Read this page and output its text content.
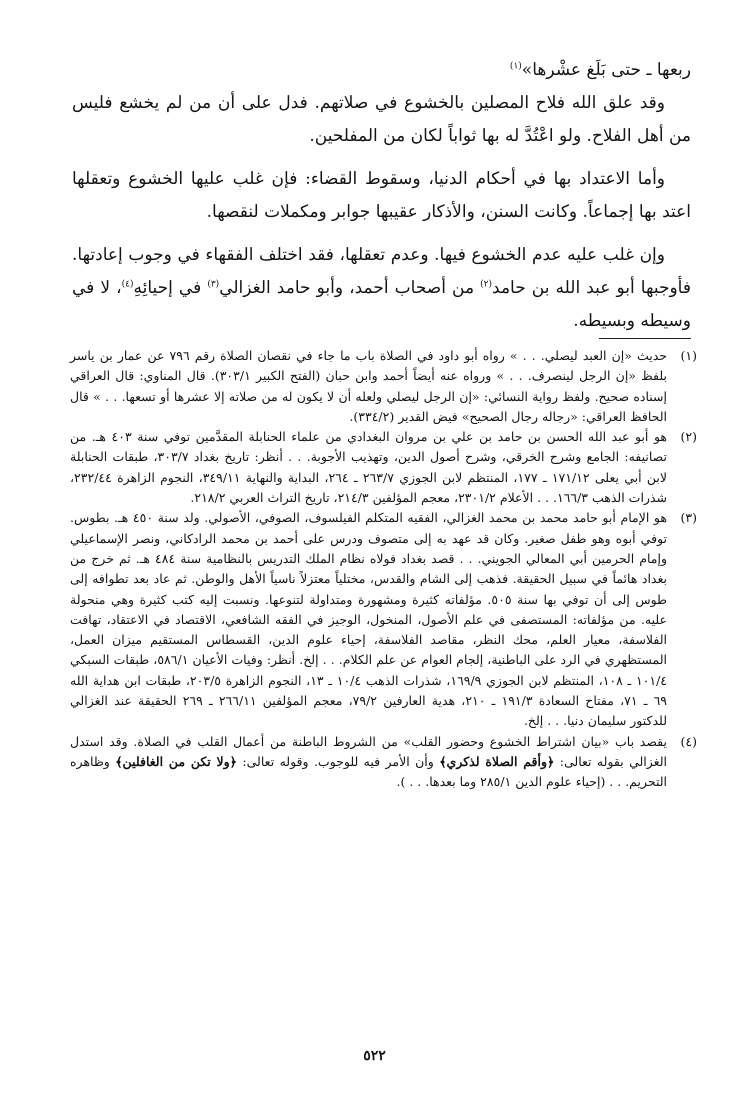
ربعها ـ حتى بَلَغ عشْرها»$^{(١)}$

وقد علق الله فلاح المصلين بالخشوع في صلاتهم. فدل على أن من لم يخشع فليس من أهل الفلاح. ولو اعْتُدَّ له بها ثواباً لكان من المفلحين.

وأما الاعتداد بها في أحكام الدنيا، وسقوط القضاء: فإن غلب عليها الخشوع وتعقلها اعتد بها إجماعاً. وكانت السنن، والأذكار عقيبها جوابر ومكملات لنقصها.

وإن غلب عليه عدم الخشوع فيها. وعدم تعقلها، فقد اختلف الفقهاء في وجوب إعادتها. فأوجبها أبو عبد الله بن حامد$^{(٢)}$ من أصحاب أحمد، وأبو حامد الغزالي$^{(٣)}$ في إحيائِهِ$^{(٤)}$، لا في وسيطه وبسيطه.

(١)
حديث «إن العبد ليصلي. . . » رواه أبو داود في الصلاة باب ما جاء في نقصان الصلاة رقم ٧٩٦ عن عمار بن ياسر بلفظ «إن الرجل لينصرف. . . » ورواه عنه أيضاً أحمد وابن حبان (الفتح الكبير ٣٠٣/١). قال المناوي: قال العراقي إسناده صحيح. ولفظ رواية النسائي: «إن الرجل ليصلي ولعله أن لا يكون له من صلاته إلا عشرها أو تسعها. . . » قال الحافظ العراقي: «رجاله رجال الصحيح» فيض القدير (٣٣٤/٢).
(٢)
هو أبو عبد الله الحسن بن حامد بن علي بن مروان البغدادي من علماء الحنابلة المقدَّمين توفي سنة ٤٠٣ هـ. من تصانيفه: الجامع وشرح الخرقي، وشرح أصول الدين، وتهذيب الأجوبة. . . أنظر: تاريخ بغداد ٣٠٣/٧، طبقات الحنابلة لابن أبي يعلى ١٧١/١٢ ـ ١٧٧، المنتظم لابن الجوزي ٢٦٣/٧ ـ ٢٦٤، البداية والنهاية ٣٤٩/١١، النجوم الزاهرة ٢٣٢/٤٤، شذرات الذهب ١٦٦/٣. . . الأعلام ٢٣٠١/٢، معجم المؤلفين ٢١٤/٣، تاريخ التراث العربي ٢١٨/٢.
(٣)
هو الإمام أبو حامد محمد بن محمد الغزالي، الفقيه المتكلم الفيلسوف، الصوفي، الأصولي. ولد سنة ٤٥٠ هـ. بطوس. توفي أبوه وهو طفل صغير. وكان قد عهد به إلى متصوف ودرس على أحمد بن محمد الرادكاني، ونصر الإسماعيلي وإمام الحرمين أبي المعالي الجويني. . . قصد بغداد فولاه نظام الملك التدريس بالنظامية سنة ٤٨٤ هـ. ثم خرج من بغداد هائماً في سبيل الحقيقة. فذهب إلى الشام والقدس، مختلياً معتزلاً ناسياً الأهل والوطن. ثم عاد بعد تطوافه إلى طوس إلى أن توفي بها سنة ٥٠٥. مؤلفاته كثيرة ومشهورة ومتداولة لتنوعها. ونسبت إليه كتب كثيرة وهي منحولة عليه. من مؤلفاته: المستصفى في علم الأصول، المنخول، الوجيز في الفقه الشافعي، الاقتصاد في الاعتقاد، تهافت الفلاسفة، معيار العلم، محك النظر، مقاصد الفلاسفة، إحياء علوم الدين، القسطاس المستقيم ميزان العمل، المستظهري في الرد على الباطنية، إلجام العوام عن علم الكلام. . . إلخ. أنظر: وفيات الأعيان ٥٨٦/١، طبقات السبكي ١٠١/٤ ـ ١٠٨، المنتظم لابن الجوزي ١٦٩/٩، شذرات الذهب ١٠/٤ ـ ١٣، النجوم الزاهرة ٢٠٣/٥، طبقات ابن هداية الله ٦٩ ـ ٧١، مفتاح السعادة ١٩١/٣ ـ ٢١٠، هدية العارفين ٧٩/٢، معجم المؤلفين ٢٦٦/١١ ـ ٢٦٩ الحقيقة عند الغزالي للدكتور سليمان دنيا. . . إلخ.
(٤)
يقصد باب «بيان اشتراط الخشوع وحضور القلب» من الشروط الباطنة من أعمال القلب في الصلاة. وقد استدل الغزالي بقوله تعالى: ﴿وأقم الصلاة لذكري﴾ وأن الأمر فيه للوجوب. وقوله تعالى: ﴿ولا تكن من الغافلين﴾ وظاهره التحريم. . . (إحياء علوم الدين ٢٨٥/١ وما بعدها. . . ).
٥٢٢
